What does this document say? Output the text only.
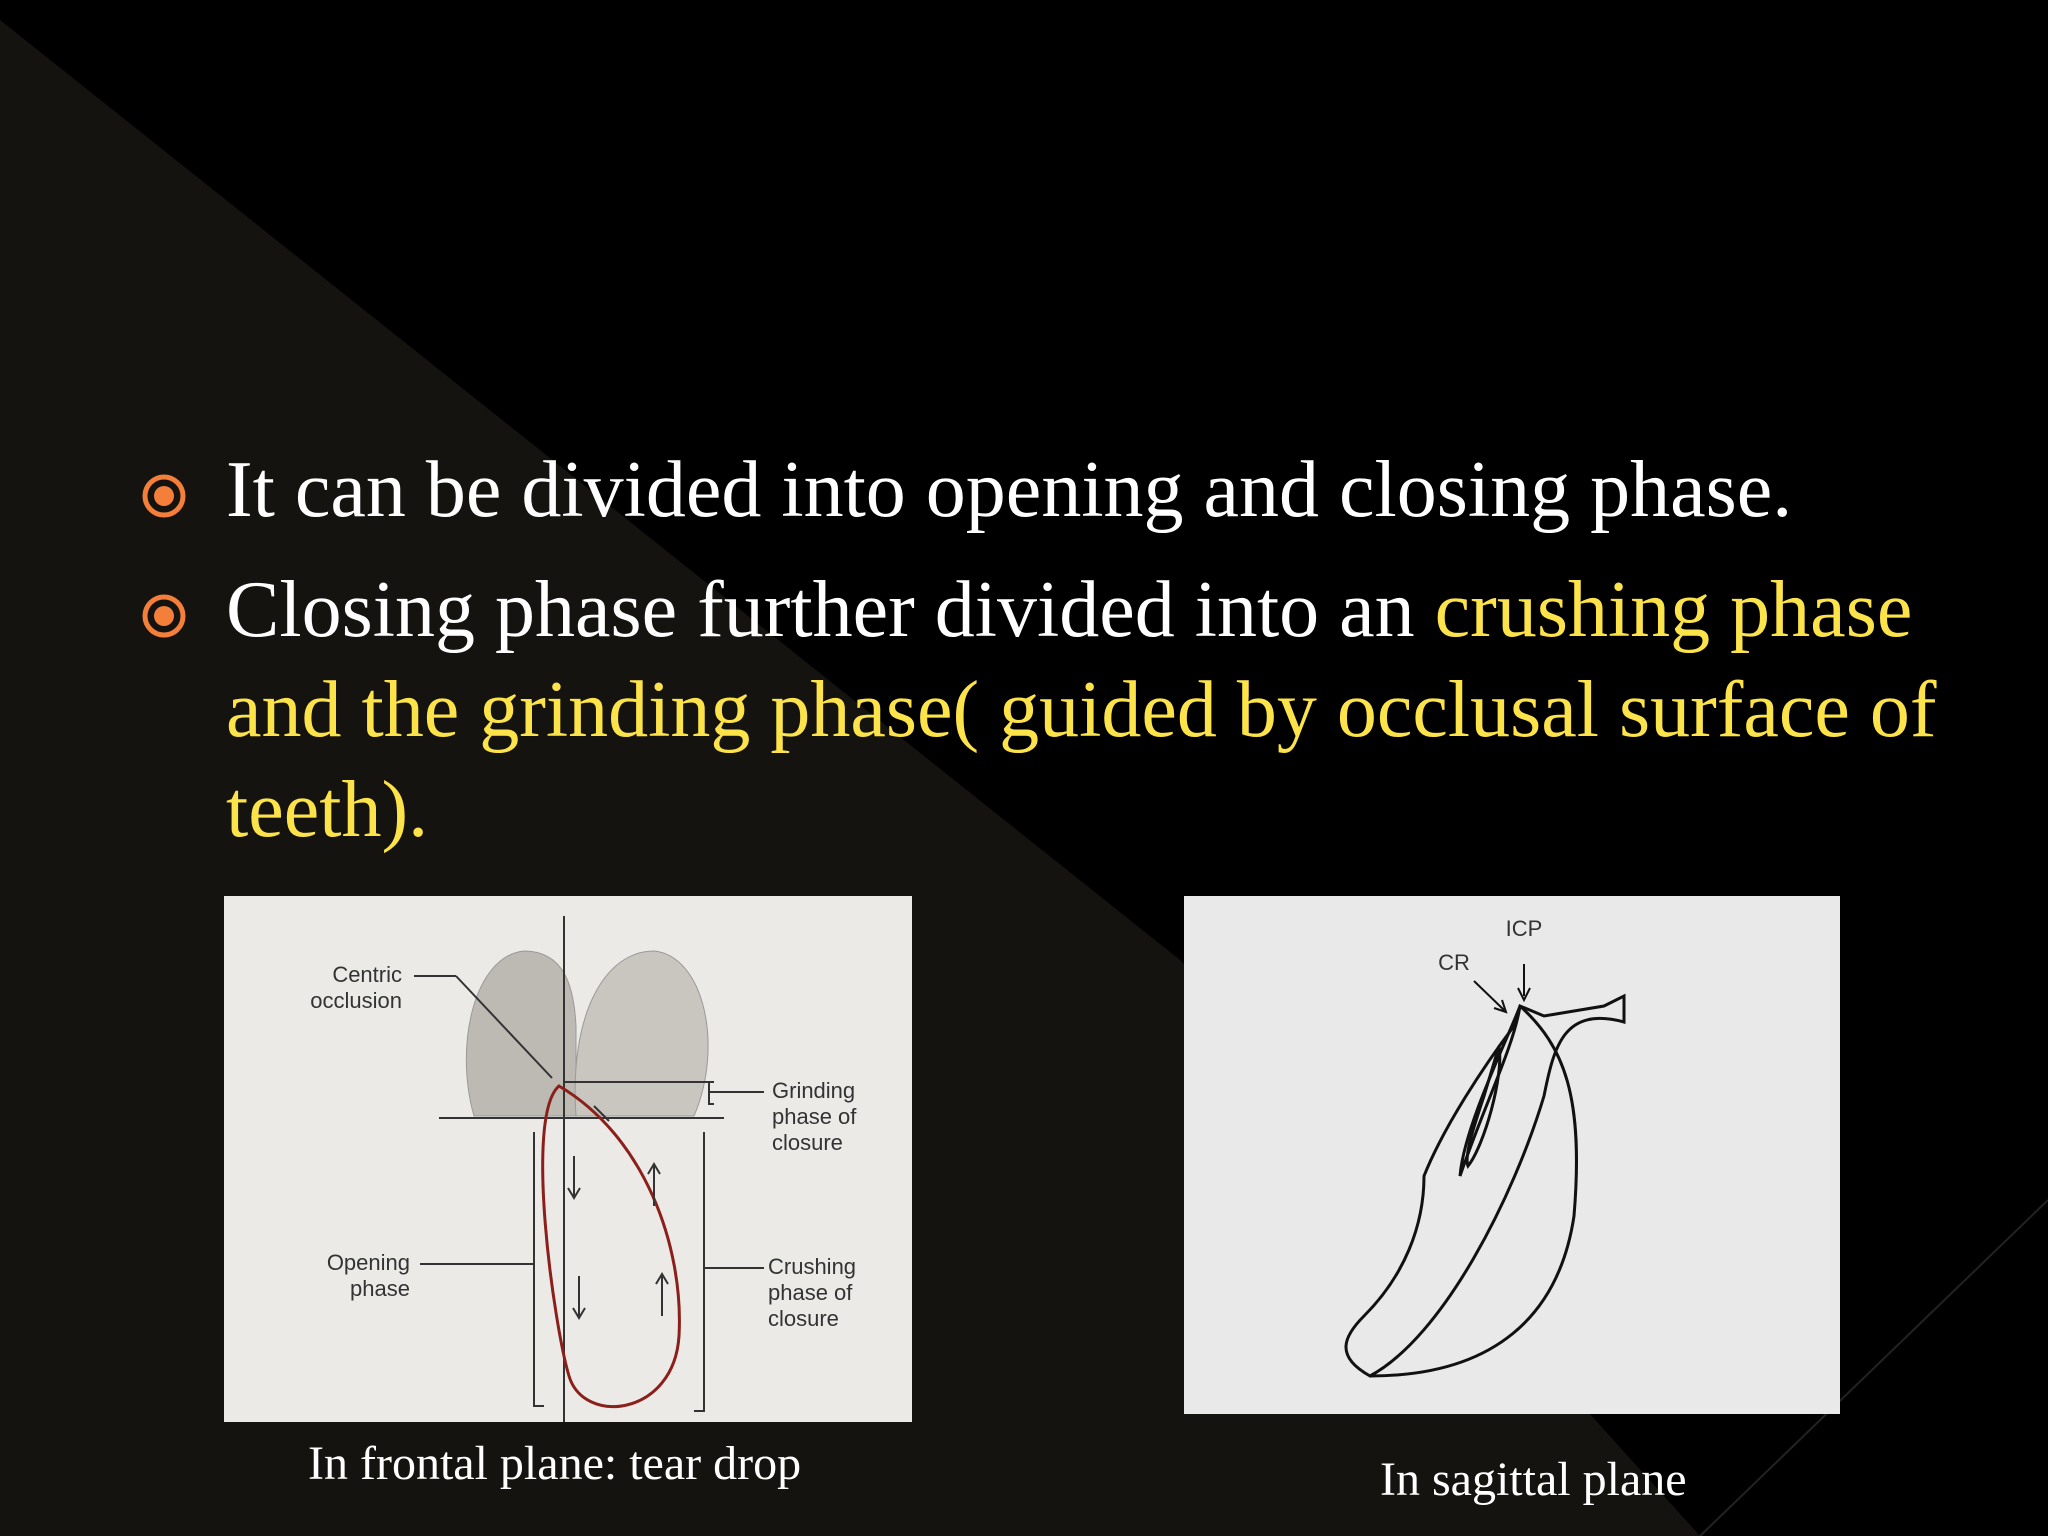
It can be divided into opening and closing phase.
Closing phase further divided into an crushing phase and the grinding phase( guided by occlusal surface of teeth).
Centric
occlusion
Grinding
phase of
closure
Opening
phase
Crushing
phase of
closure
In frontal plane: tear drop
ICP
CR
In sagittal plane
